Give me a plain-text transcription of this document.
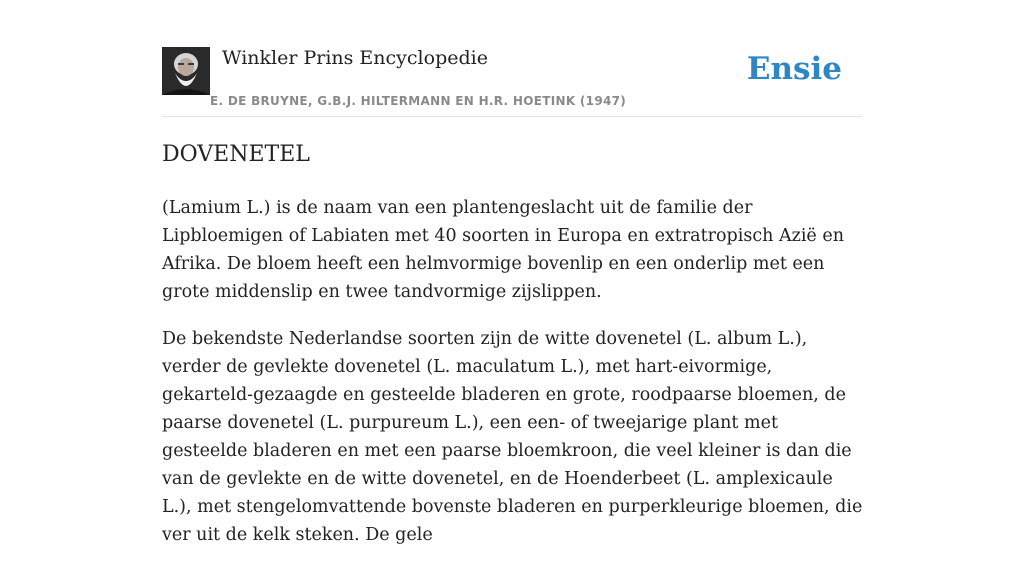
Winkler Prins Encyclopedie
E. DE BRUYNE, G.B.J. HILTERMANN EN H.R. HOETINK (1947)
Ensie
DOVENETEL

(Lamium L.) is de naam van een plantengeslacht uit de familie der Lipbloemigen of Labiaten met 40 soorten in Europa en extratropisch Azië en Afrika. De bloem heeft een helmvormige bovenlip en een onderlip met een grote middenslip en twee tandvormige zijslippen.

De bekendste Nederlandse soorten zijn de witte dovenetel (L. album L.), verder de gevlekte dovenetel (L. maculatum L.), met hart-eivormige, gekarteld-gezaagde en gesteelde bladeren en grote, roodpaarse bloemen, de paarse dovenetel (L. purpureum L.), een een- of tweejarige plant met gesteelde bladeren en met een paarse bloemkroon, die veel kleiner is dan die van de gevlekte en de witte dovenetel, en de Hoenderbeet (L. amplexicaule L.), met stengelomvattende bovenste bladeren en purperkleurige bloemen, die ver uit de kelk steken. De gele
